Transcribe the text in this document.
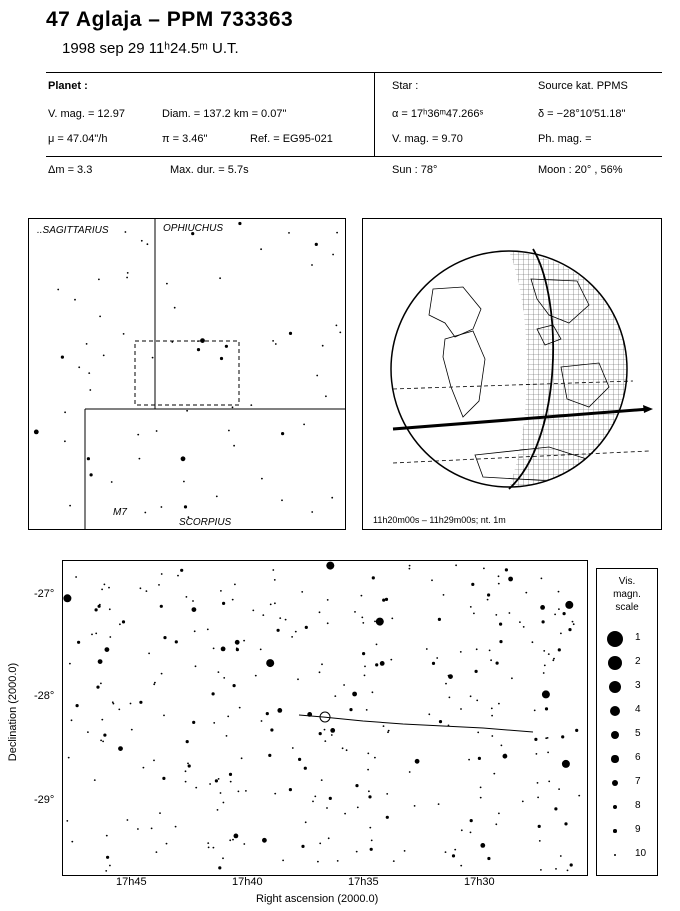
47 Aglaja – PPM 733363
1998 sep 29 11ʰ24.5ᵐ U.T.
Planet :
V. mag. = 12.97	Diam. = 137.2 km = 0.07"
μ = 47.04"/h	π = 3.46"	Ref. = EG95-021
Star :	Source kat. PPMS
α = 17ʰ36ᵐ47.266ˢ	δ = −28°10′51.18"
V. mag. = 9.70	Ph. mag. =
Δm = 3.3	Max. dur. = 5.7s	Sun : 78°	Moon : 20° , 56%
..SAGITTARIUS	OPHIUCHUS
SCORPIUS
M7
11h20m00s – 11h29m00s; nt. 1m
-27°
-28°
-29°
17h45	17h40	17h35	17h30
Right ascension (2000.0)
Declination (2000.0)
Vis.
magn.
scale
1
2
3
4
5
6
7
8
9
10
